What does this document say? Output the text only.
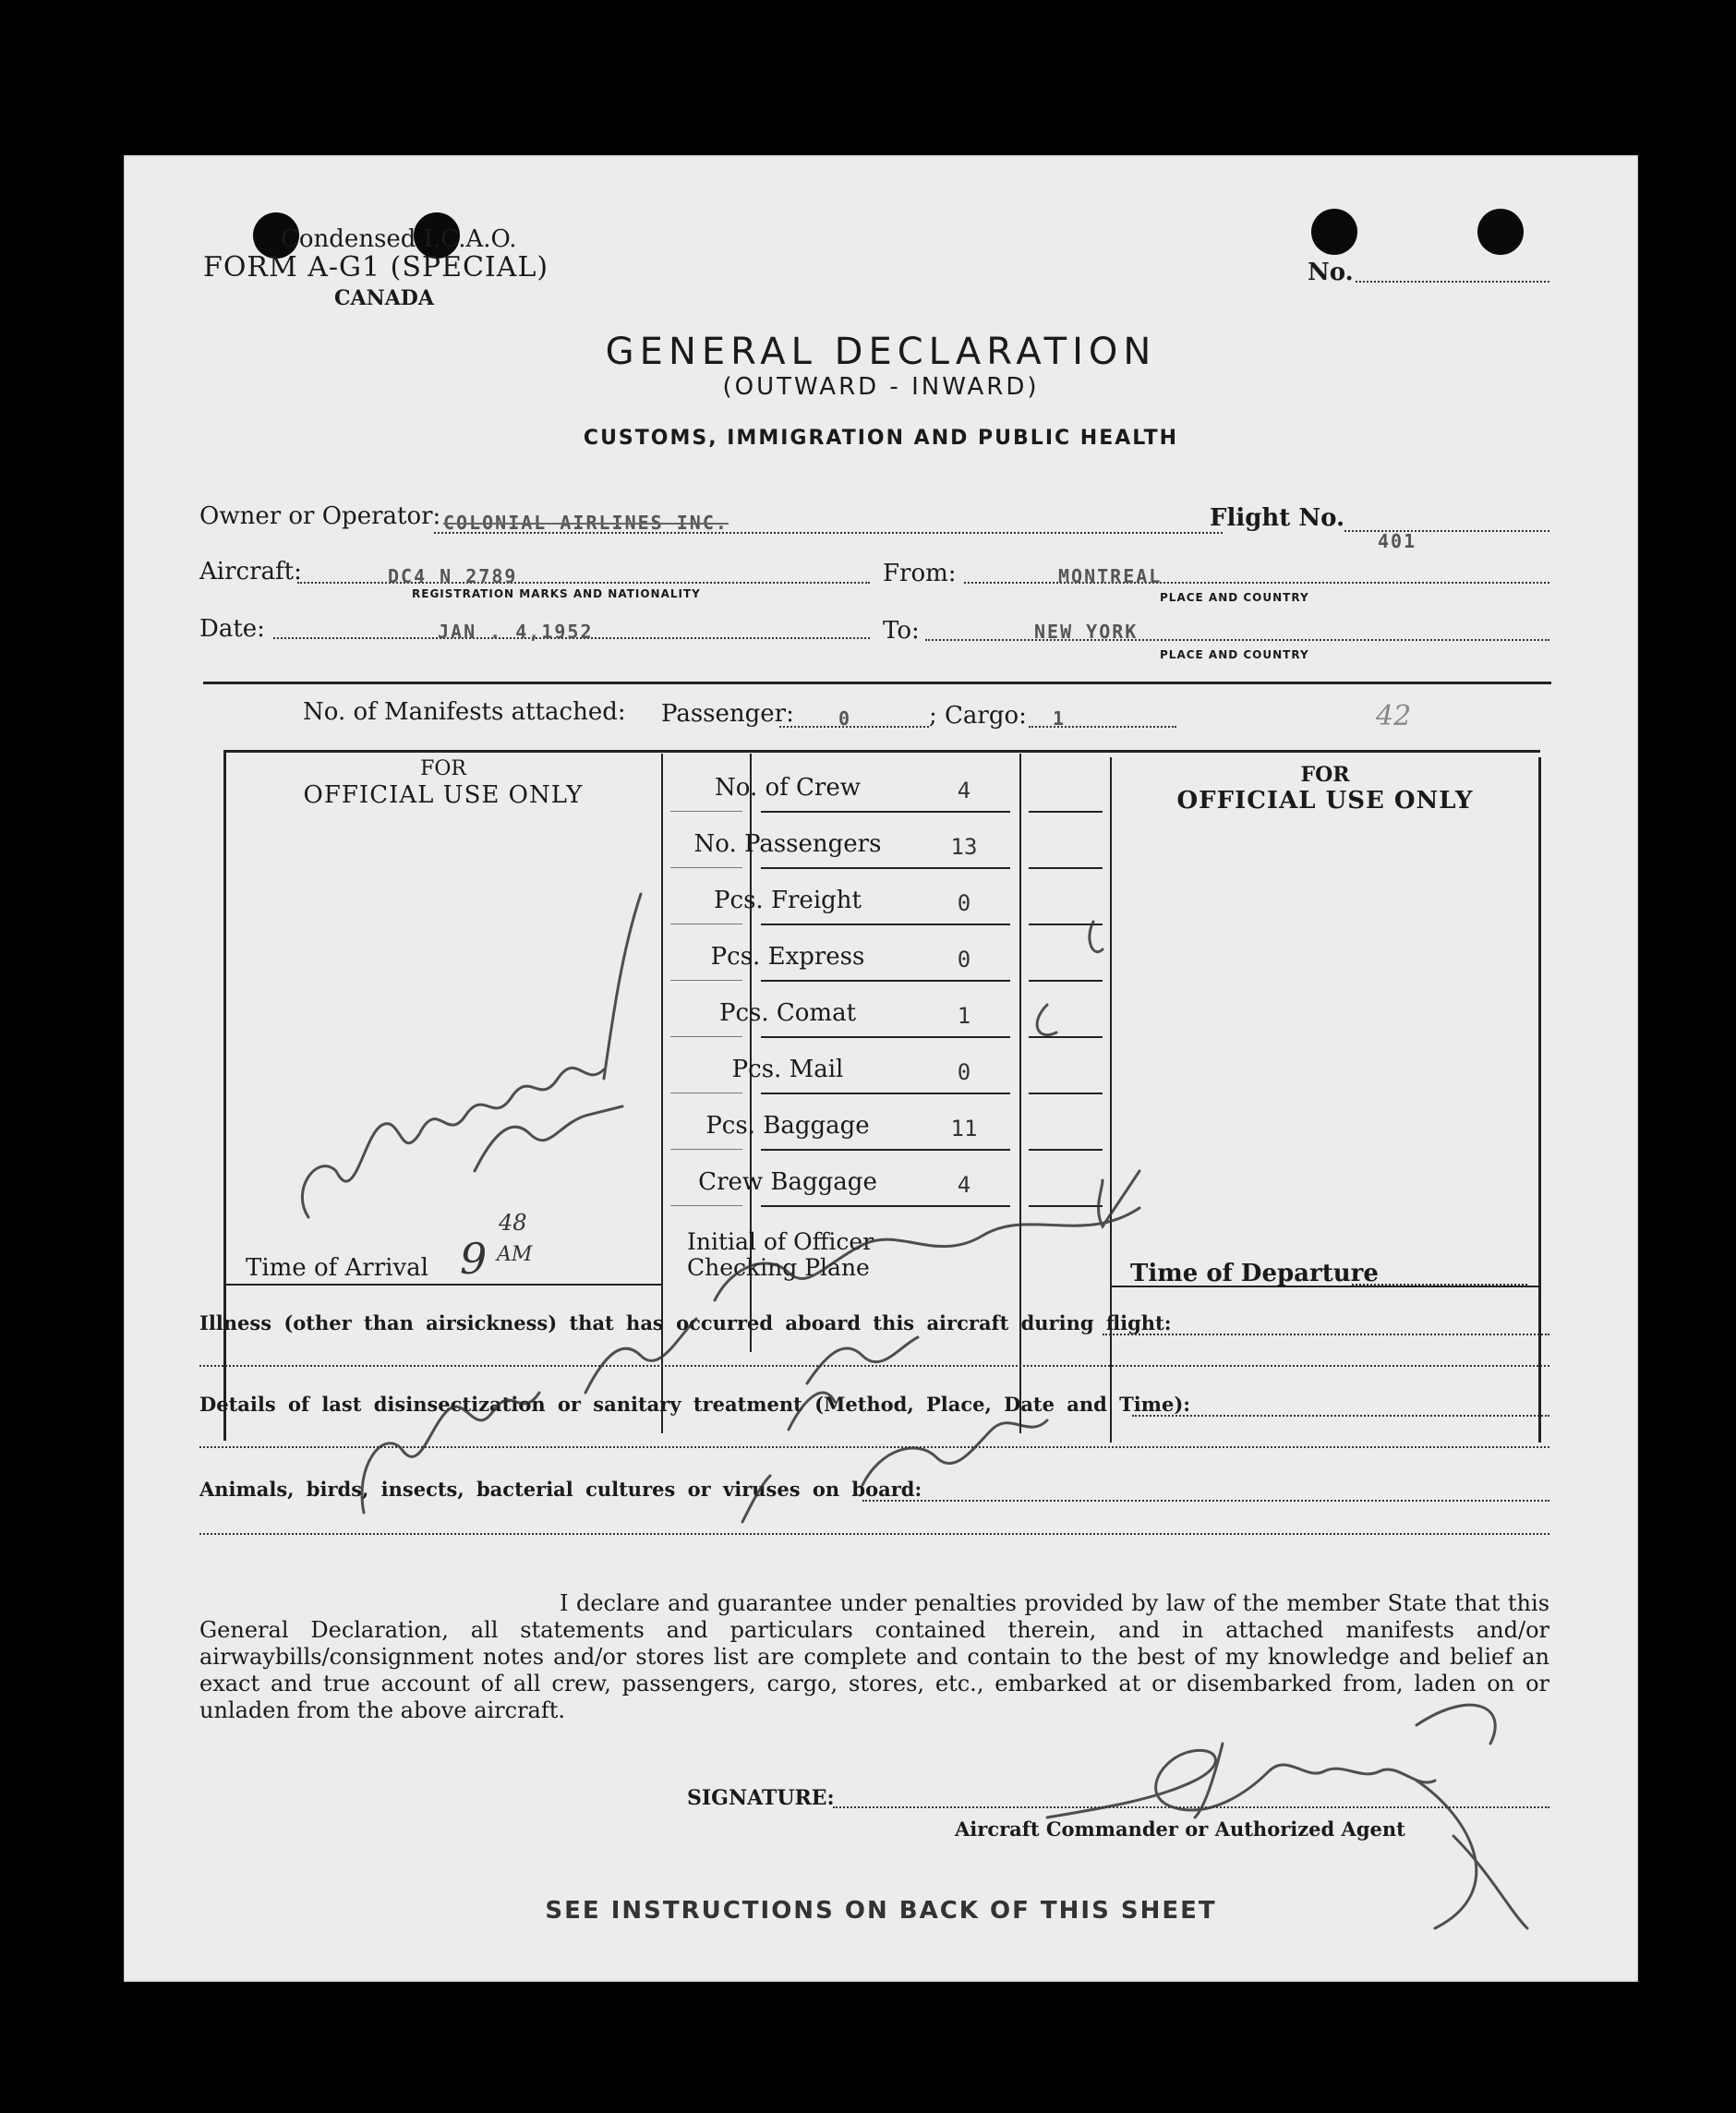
Condensed I.C.A.O.
FORM A-G1 (SPECIAL)
CANADA
No.
GENERAL DECLARATION
(OUTWARD - INWARD)
CUSTOMS, IMMIGRATION AND PUBLIC HEALTH
Owner or Operator: COLONIAL AIRLINES INC.	Flight No.
401
Aircraft:	DC4 N 2789
REGISTRATION MARKS AND NATIONALITY
From:	MONTREAL
PLACE AND COUNTRY
Date:	JAN . 4,1952	To:	NEW YORK
PLACE AND COUNTRY
No. of Manifests attached: Passenger: 0	; Cargo: 1	42
FOR
OFFICIAL USE ONLY
FOR
OFFICIAL USE ONLY
No. of Crew	4
No. Passengers	13
Pcs. Freight	0
Pcs. Express	0
Pcs. Comat	1
Pcs. Mail	0
Pcs. Baggage	11
Crew Baggage	4
Time of Arrival 9
48
AM	Initial of Officer
Checking Plane	Time of Departure
Illness (other than airsickness) that has occurred aboard this aircraft during flight:
Details of last disinsectization or sanitary treatment (Method, Place, Date and Time):
Animals, birds, insects, bacterial cultures or viruses on board:
I declare and guarantee under penalties provided by law of the member State that this General Declaration, all statements and particulars contained therein, and in attached manifests and/or airwaybills/consignment notes and/or stores list are complete and contain to the best of my knowledge and belief an exact and true account of all crew, passengers, cargo, stores, etc., embarked at or disembarked from, laden on or unladen from the above aircraft.
SIGNATURE:
Aircraft Commander or Authorized Agent
SEE INSTRUCTIONS ON BACK OF THIS SHEET
